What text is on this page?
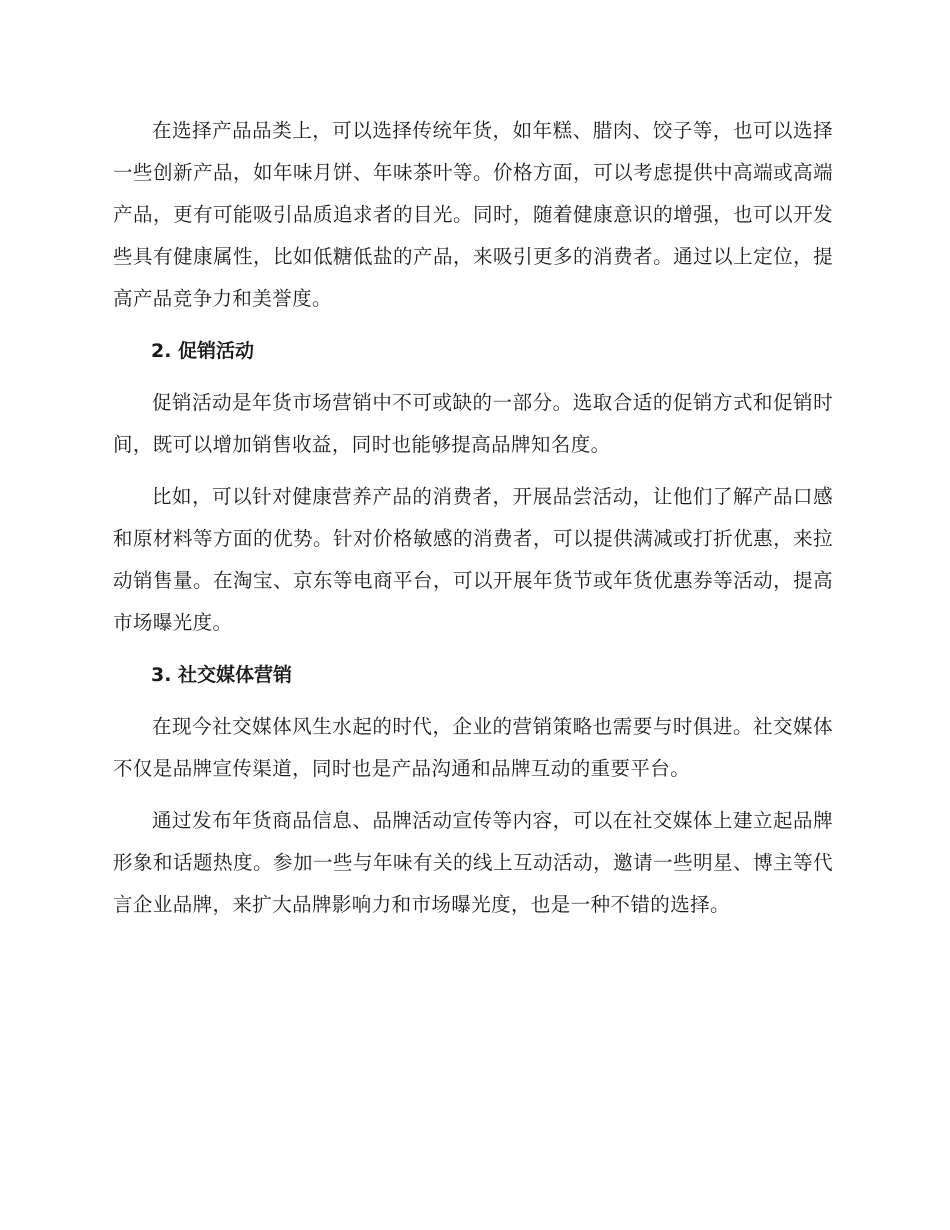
在选择产品品类上，可以选择传统年货，如年糕、腊肉、饺子等，也可以选择一些创新产品，如年味月饼、年味茶叶等。价格方面，可以考虑提供中高端或高端产品，更有可能吸引品质追求者的目光。同时，随着健康意识的增强，也可以开发些具有健康属性，比如低糖低盐的产品，来吸引更多的消费者。通过以上定位，提高产品竞争力和美誉度。

2. 促销活动

促销活动是年货市场营销中不可或缺的一部分。选取合适的促销方式和促销时间，既可以增加销售收益，同时也能够提高品牌知名度。

比如，可以针对健康营养产品的消费者，开展品尝活动，让他们了解产品口感和原材料等方面的优势。针对价格敏感的消费者，可以提供满减或打折优惠，来拉动销售量。在淘宝、京东等电商平台，可以开展年货节或年货优惠券等活动，提高市场曝光度。

3. 社交媒体营销

在现今社交媒体风生水起的时代，企业的营销策略也需要与时俱进。社交媒体不仅是品牌宣传渠道，同时也是产品沟通和品牌互动的重要平台。

通过发布年货商品信息、品牌活动宣传等内容，可以在社交媒体上建立起品牌形象和话题热度。参加一些与年味有关的线上互动活动，邀请一些明星、博主等代言企业品牌，来扩大品牌影响力和市场曝光度，也是一种不错的选择。
